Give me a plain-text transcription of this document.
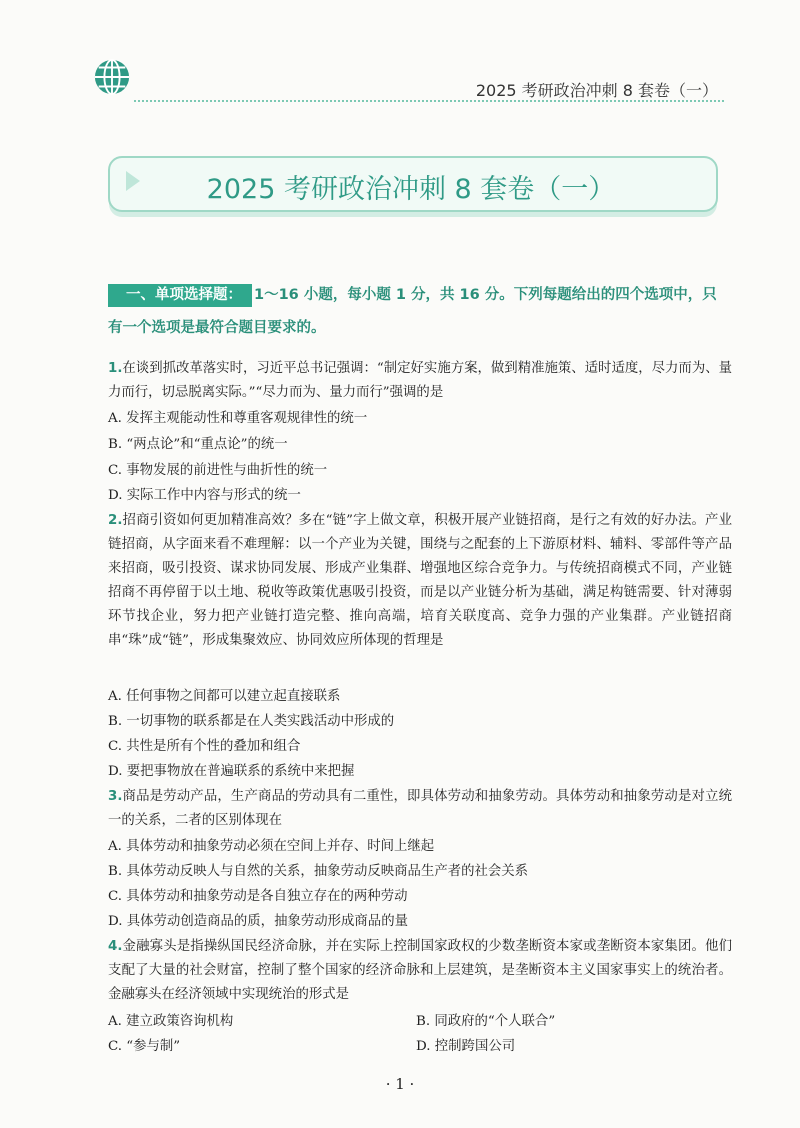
2025 考研政治冲刺 8 套卷（一）
2025 考研政治冲刺 8 套卷（一）
一、单项选择题： 1～16 小题，每小题 1 分，共 16 分。下列每题给出的四个选项中，只有一个选项是最符合题目要求的。
1.在谈到抓改革落实时，习近平总书记强调：“制定好实施方案，做到精准施策、适时适度，尽力而为、量力而行，切忌脱离实际。”“尽力而为、量力而行”强调的是
A. 发挥主观能动性和尊重客观规律性的统一
B. “两点论”和“重点论”的统一
C. 事物发展的前进性与曲折性的统一
D. 实际工作中内容与形式的统一
2.招商引资如何更加精准高效？多在“链”字上做文章，积极开展产业链招商，是行之有效的好办法。产业链招商，从字面来看不难理解：以一个产业为关键，围绕与之配套的上下游原材料、辅料、零部件等产品来招商，吸引投资、谋求协同发展、形成产业集群、增强地区综合竞争力。与传统招商模式不同，产业链招商不再停留于以土地、税收等政策优惠吸引投资，而是以产业链分析为基础，满足构链需要、针对薄弱环节找企业，努力把产业链打造完整、推向高端，培育关联度高、竞争力强的产业集群。产业链招商串“珠”成“链”，形成集聚效应、协同效应所体现的哲理是
A. 任何事物之间都可以建立起直接联系
B. 一切事物的联系都是在人类实践活动中形成的
C. 共性是所有个性的叠加和组合
D. 要把事物放在普遍联系的系统中来把握
3.商品是劳动产品，生产商品的劳动具有二重性，即具体劳动和抽象劳动。具体劳动和抽象劳动是对立统一的关系，二者的区别体现在
A. 具体劳动和抽象劳动必须在空间上并存、时间上继起
B. 具体劳动反映人与自然的关系，抽象劳动反映商品生产者的社会关系
C. 具体劳动和抽象劳动是各自独立存在的两种劳动
D. 具体劳动创造商品的质，抽象劳动形成商品的量
4.金融寡头是指操纵国民经济命脉，并在实际上控制国家政权的少数垄断资本家或垄断资本家集团。他们支配了大量的社会财富，控制了整个国家的经济命脉和上层建筑，是垄断资本主义国家事实上的统治者。金融寡头在经济领域中实现统治的形式是
A. 建立政策咨询机构	B. 同政府的“个人联合”
C. “参与制”	D. 控制跨国公司
· 1 ·
